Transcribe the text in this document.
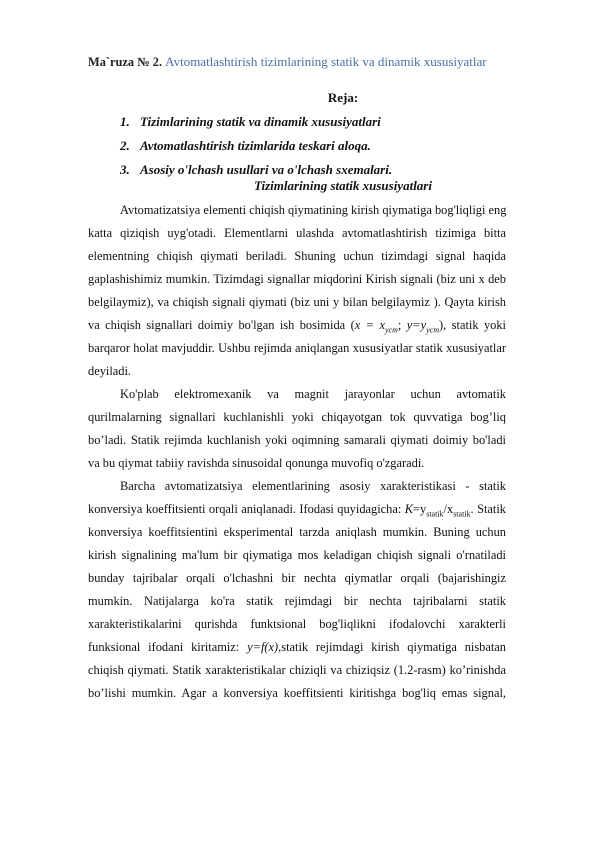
Ma`ruza № 2. Avtomatlashtirish tizimlarining statik va dinamik xususiyatlar
Reja:
1. Tizimlarining statik va dinamik xususiyatlari
2. Avtomatlashtirish tizimlarida teskari aloqa.
3. Asosiy o'lchash usullari va o'lchash sxemalari.
Tizimlarining statik xususiyatlari
Avtomatizatsiya elementi chiqish qiymatining kirish qiymatiga bog'liqligi eng
katta qiziqish uyg'otadi. Elementlarni ulashda avtomatlashtirish tizimiga bitta
elementning chiqish qiymati beriladi. Shuning uchun tizimdagi signal haqida
gaplashishimiz mumkin. Tizimdagi signallar miqdorini Kirish signali (biz uni x deb
belgilaymiz), va chiqish signali qiymati (biz uni y bilan belgilaymiz ). Qayta kirish
va chiqish signallari doimiy bo'lgan ish bosimida ($x = x_{уст}$; $y=y_{уст}$), statik yoki
barqaror holat mavjuddir. Ushbu rejimda aniqlangan xususiyatlar statik xususiyatlar
deyiladi.
Ko'plab elektromexanik va magnit jarayonlar uchun avtomatik
qurilmalarning signallari kuchlanishli yoki chiqayotgan tok quvvatiga bog’liq
bo’ladi. Statik rejimda kuchlanish yoki oqimning samarali qiymati doimiy bo'ladi
va bu qiymat tabiiy ravishda sinusoidal qonunga muvofiq o'zgaradi.
Barcha avtomatizatsiya elementlarining asosiy xarakteristikasi - statik
konversiya koeffitsienti orqali aniqlanadi. Ifodasi quyidagicha: $K=y_{statik}/x_{statik}$. Statik
konversiya koeffitsientini eksperimental tarzda aniqlash mumkin. Buning uchun
kirish signalining ma'lum bir qiymatiga mos keladigan chiqish signali o'rnatiladi
bunday tajribalar orqali o'lchashni bir nechta qiymatlar orqali (bajarishingiz
mumkin. Natijalarga ko'ra statik rejimdagi bir nechta tajribalarni statik
xarakteristikalarini qurishda funktsional bog'liqlikni ifodalovchi xarakterli
funksional ifodani kiritamiz: y=f(x),statik rejimdagi kirish qiymatiga nisbatan
chiqish qiymati. Statik xarakteristikalar chiziqli va chiziqsiz (1.2-rasm) ko’rinishda
bo’lishi mumkin. Agar a konversiya koeffitsienti kiritishga bog'liq emas signal,
